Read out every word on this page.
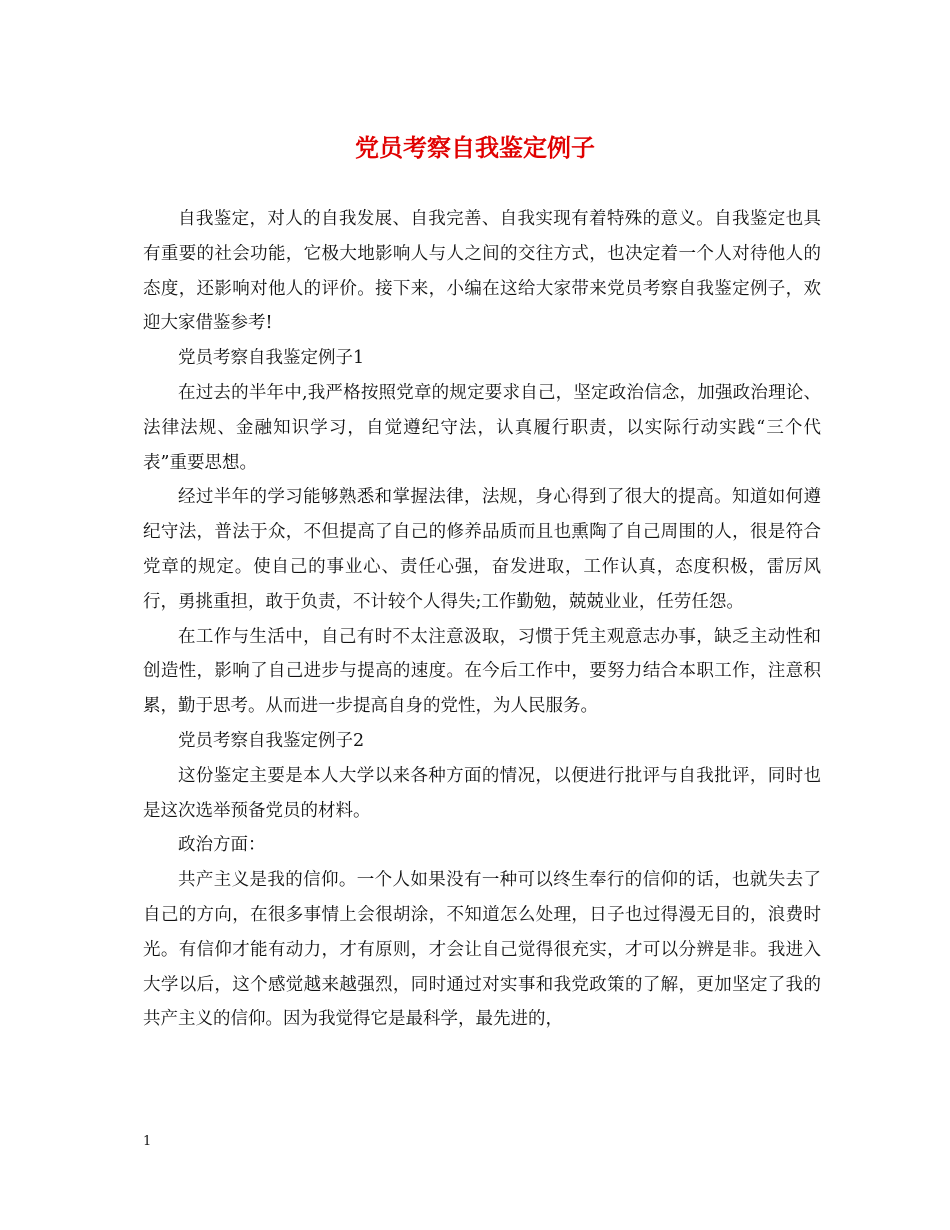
党员考察自我鉴定例子

自我鉴定，对人的自我发展、自我完善、自我实现有着特殊的意义。自我鉴定也具有重要的社会功能，它极大地影响人与人之间的交往方式，也决定着一个人对待他人的态度，还影响对他人的评价。接下来，小编在这给大家带来党员考察自我鉴定例子，欢迎大家借鉴参考!

党员考察自我鉴定例子1

在过去的半年中,我严格按照党章的规定要求自己，坚定政治信念，加强政治理论、法律法规、金融知识学习，自觉遵纪守法，认真履行职责，以实际行动实践“三个代表”重要思想。

经过半年的学习能够熟悉和掌握法律，法规，身心得到了很大的提高。知道如何遵纪守法，普法于众，不但提高了自己的修养品质而且也熏陶了自己周围的人，很是符合党章的规定。使自己的事业心、责任心强，奋发进取，工作认真，态度积极，雷厉风行，勇挑重担，敢于负责，不计较个人得失;工作勤勉，兢兢业业，任劳任怨。

在工作与生活中，自己有时不太注意汲取，习惯于凭主观意志办事，缺乏主动性和创造性，影响了自己进步与提高的速度。在今后工作中，要努力结合本职工作，注意积累，勤于思考。从而进一步提高自身的党性，为人民服务。

党员考察自我鉴定例子2

这份鉴定主要是本人大学以来各种方面的情况，以便进行批评与自我批评，同时也是这次选举预备党员的材料。

政治方面：

共产主义是我的信仰。一个人如果没有一种可以终生奉行的信仰的话，也就失去了自己的方向，在很多事情上会很胡涂，不知道怎么处理，日子也过得漫无目的，浪费时光。有信仰才能有动力，才有原则，才会让自己觉得很充实，才可以分辨是非。我进入大学以后，这个感觉越来越强烈，同时通过对实事和我党政策的了解，更加坚定了我的共产主义的信仰。因为我觉得它是最科学，最先进的，

1
